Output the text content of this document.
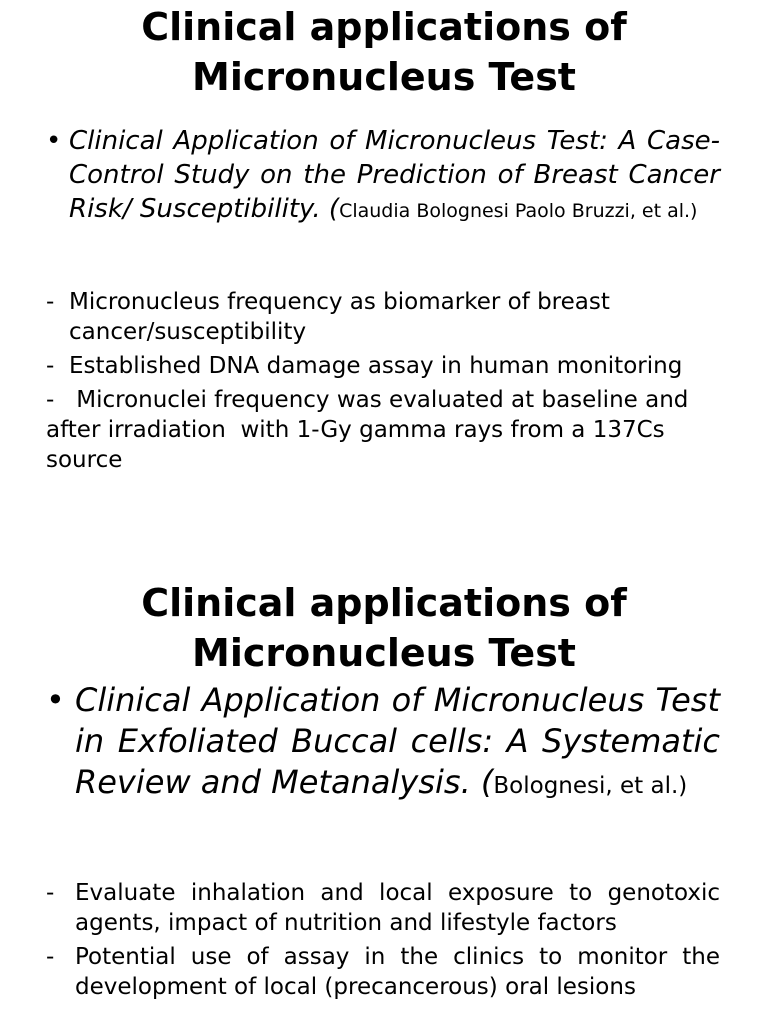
Clinical applications of
Micronucleus Test
• Clinical Application of Micronucleus Test: A Case-Control Study on the Prediction of Breast Cancer Risk/ Susceptibility. (Claudia Bolognesi Paolo Bruzzi, et al.)
- Micronucleus frequency as biomarker of breast cancer/susceptibility
- Established DNA damage assay in human monitoring
-   Micronuclei frequency was evaluated at baseline and after irradiation  with 1-Gy gamma rays from a 137Cs source
Clinical applications of
Micronucleus Test
• Clinical Application of Micronucleus Test in Exfoliated Buccal cells: A Systematic Review and Metanalysis. (Bolognesi, et al.)
- Evaluate inhalation and local exposure to genotoxic agents, impact of nutrition and lifestyle factors
- Potential use of assay in the clinics to monitor the development of local (precancerous) oral lesions
